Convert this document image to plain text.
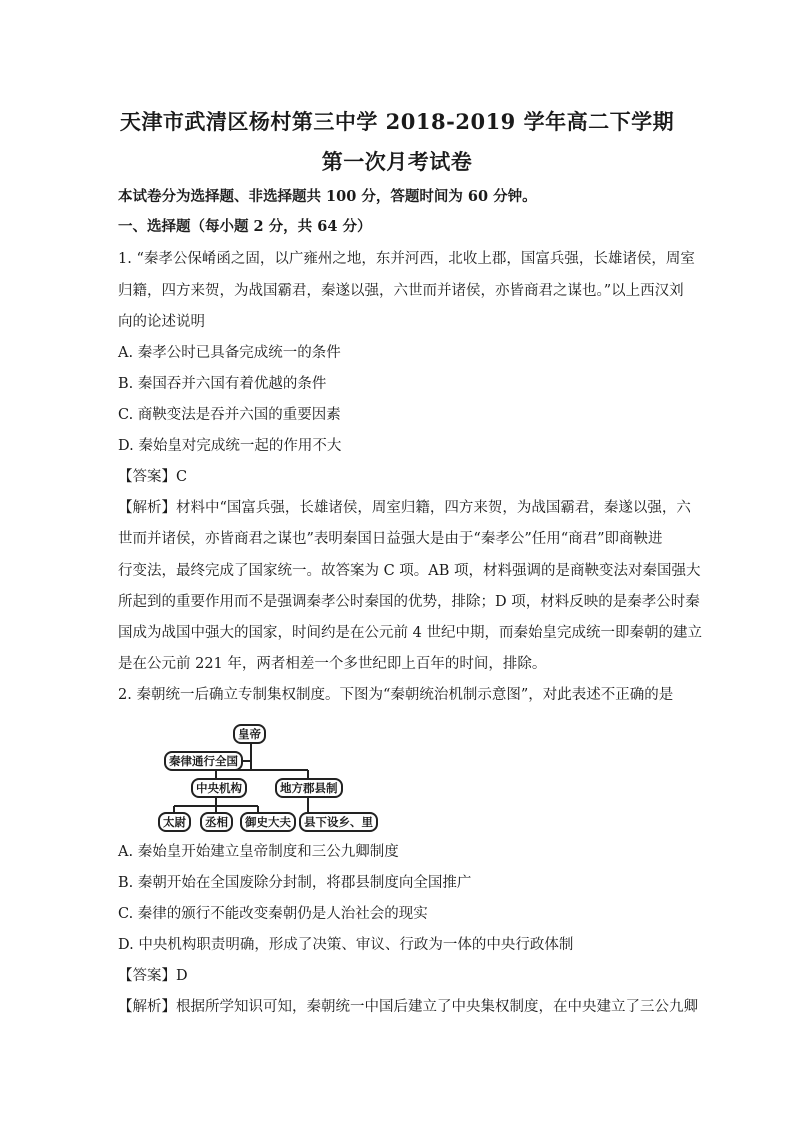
天津市武清区杨村第三中学 2018-2019 学年高二下学期
第一次月考试卷
本试卷分为选择题、非选择题共 100 分，答题时间为 60 分钟。
一、选择题（每小题 2 分，共 64 分）
1. “秦孝公保崤函之固，以广雍州之地，东并河西，北收上郡，国富兵强，长雄诸侯，周室
归籍，四方来贺，为战国霸君，秦遂以强，六世而并诸侯，亦皆商君之谋也。”以上西汉刘
向的论述说明
A. 秦孝公时已具备完成统一的条件
B. 秦国吞并六国有着优越的条件
C. 商鞅变法是吞并六国的重要因素
D. 秦始皇对完成统一起的作用不大
【答案】C
【解析】材料中“国富兵强，长雄诸侯，周室归籍，四方来贺，为战国霸君，秦遂以强，六
世而并诸侯，亦皆商君之谋也”表明秦国日益强大是由于“秦孝公”任用“商君”即商鞅进
行变法，最终完成了国家统一。故答案为 C 项。AB 项，材料强调的是商鞅变法对秦国强大
所起到的重要作用而不是强调秦孝公时秦国的优势，排除；D 项，材料反映的是秦孝公时秦
国成为战国中强大的国家，时间约是在公元前 4 世纪中期，而秦始皇完成统一即秦朝的建立
是在公元前 221 年，两者相差一个多世纪即上百年的时间，排除。
2. 秦朝统一后确立专制集权制度。下图为“秦朝统治机制示意图”，对此表述不正确的是
皇帝
秦律通行全国
中央机构	地方郡县制
太尉	丞相	御史大夫	县下设乡、里
A. 秦始皇开始建立皇帝制度和三公九卿制度
B. 秦朝开始在全国废除分封制，将郡县制度向全国推广
C. 秦律的颁行不能改变秦朝仍是人治社会的现实
D. 中央机构职责明确，形成了决策、审议、行政为一体的中央行政体制
【答案】D
【解析】根据所学知识可知，秦朝统一中国后建立了中央集权制度，在中央建立了三公九卿
